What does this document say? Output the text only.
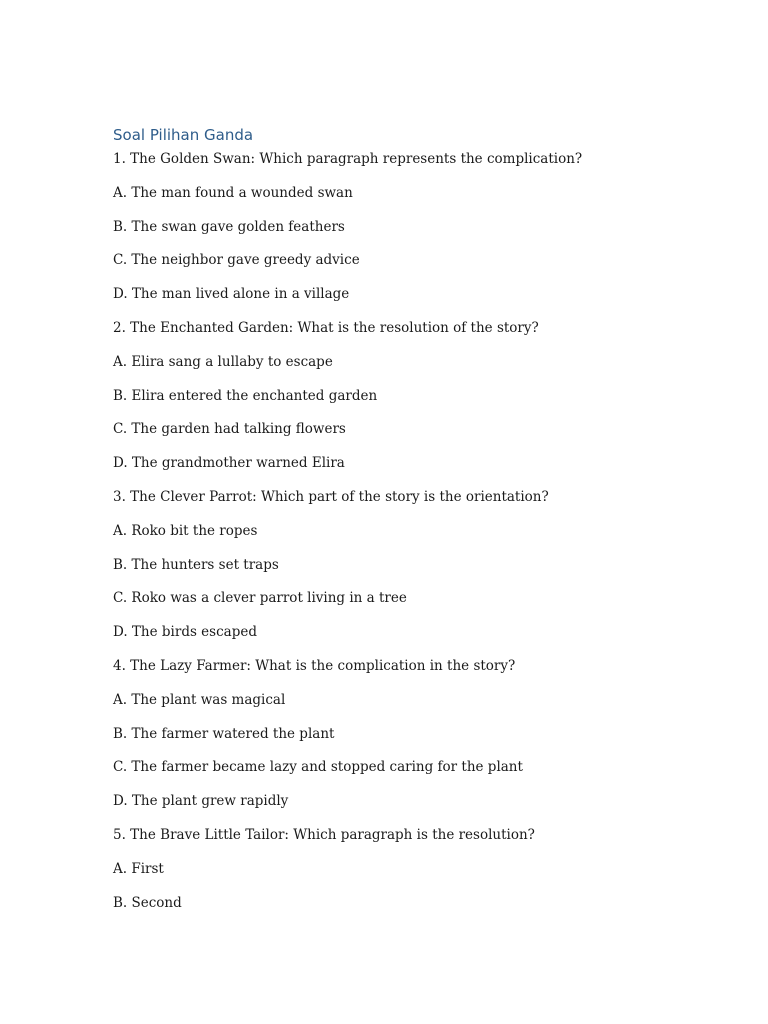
Soal Pilihan Ganda
1. The Golden Swan: Which paragraph represents the complication?
A. The man found a wounded swan
B. The swan gave golden feathers
C. The neighbor gave greedy advice
D. The man lived alone in a village
2. The Enchanted Garden: What is the resolution of the story?
A. Elira sang a lullaby to escape
B. Elira entered the enchanted garden
C. The garden had talking flowers
D. The grandmother warned Elira
3. The Clever Parrot: Which part of the story is the orientation?
A. Roko bit the ropes
B. The hunters set traps
C. Roko was a clever parrot living in a tree
D. The birds escaped
4. The Lazy Farmer: What is the complication in the story?
A. The plant was magical
B. The farmer watered the plant
C. The farmer became lazy and stopped caring for the plant
D. The plant grew rapidly
5. The Brave Little Tailor: Which paragraph is the resolution?
A. First
B. Second
